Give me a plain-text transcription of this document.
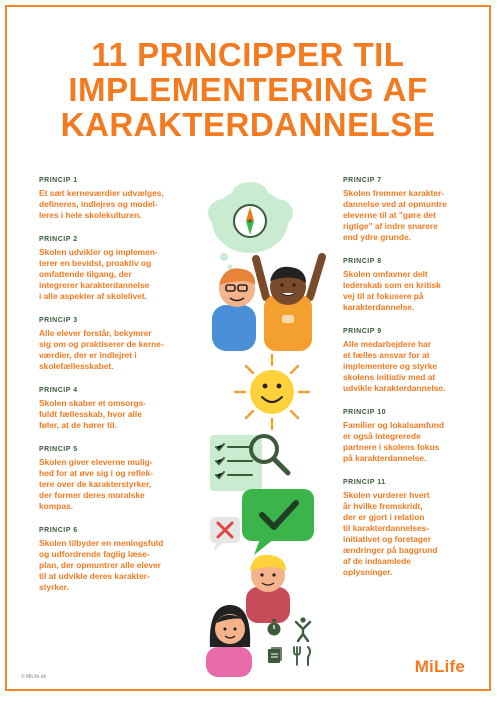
11 PRINCIPPER TIL
IMPLEMENTERING AF
KARAKTERDANNELSE
PRINCIP 1
Et sæt kerneværdier udvælges,
defineres, indlejres og model-
leres i hele skolekulturen.
PRINCIP 2
Skolen udvikler og implemen-
terer en bevidst, proaktiv og
omfattende tilgang, der
integrerer karakterdannelse
i alle aspekter af skolelivet.
PRINCIP 3
Alle elever forstår, bekymrer
sig om og praktiserer de kerne-
værdier, der er indlejret i
skolefællesskabet.
PRINCIP 4
Skolen skaber et omsorgs-
fuldt fællesskab, hvor alle
føler, at de hører til.
PRINCIP 5
Skolen giver eleverne mulig-
hed for at øve sig i og reflek-
tere over de karakterstyrker,
der former deres moralske
kompas.
PRINCIP 6
Skolen tilbyder en meningsfuld
og udfordrende faglig læse-
plan, der opmuntrer alle elever
til at udvikle deres karakter-
styrker.
PRINCIP 7
Skolen fremmer karakter-
dannelse ved at opmuntre
eleverne til at "gøre det
rigtige" af indre snarere
end ydre grunde.
PRINCIP 8
Skolen omfavner delt
lederskab som en kritisk
vej til at fokusere på
karakterdannelse.
PRINCIP 9
Alle medarbejdere har
et fælles ansvar for at
implementere og styrke
skolens initiativ med at
udvikle karakterdannelse.
PRINCIP 10
Familier og lokalsamfund
er også integrerede
partnere i skolens fokus
på karakterdannelse.
PRINCIP 11
Skolen vurderer hvert
år hvilke fremskridt,
der er gjort i relation
til karakterdannelses-
initiativet og foretager
ændringer på baggrund
af de indsamlede
oplysninger.
© MiLife.dk
MiLife
